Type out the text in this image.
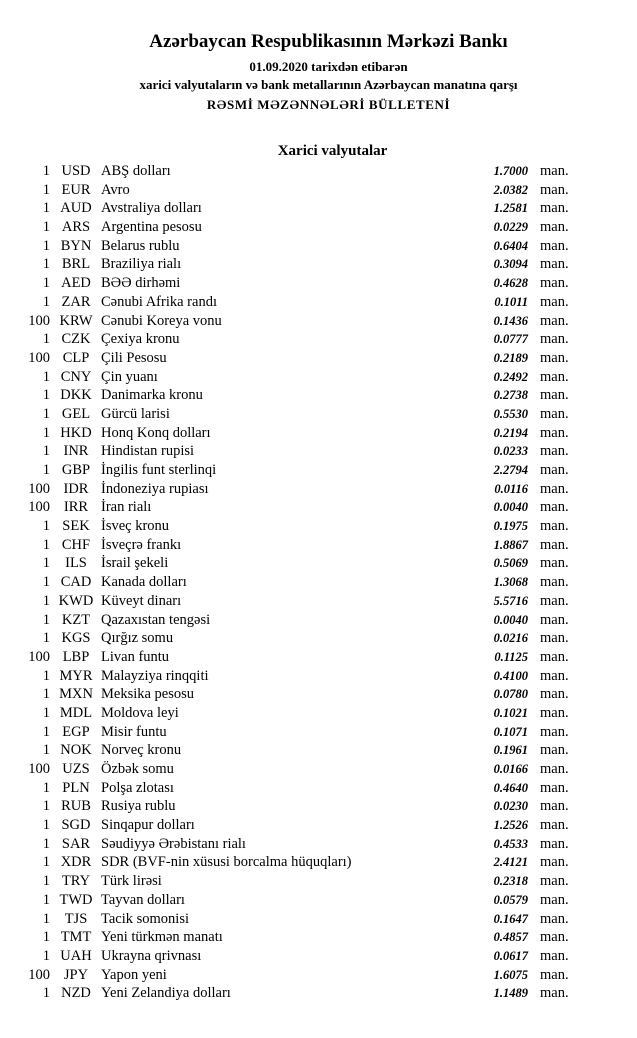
Azərbaycan Respublikasının Mərkəzi Bankı
01.09.2020 tarixdən etibarən
xarici valyutaların və bank metallarının Azərbaycan manatına qarşı
RƏSMİ MƏZƏNNƏLƏRİ BÜLLETENİ
Xarici valyutalar
1 USD ABŞ dolları	1.7000 man.
1 EUR Avro	2.0382 man.
1 AUD Avstraliya dolları	1.2581 man.
1 ARS Argentina pesosu	0.0229 man.
1 BYN Belarus rublu	0.6404 man.
1 BRL Braziliya rialı	0.3094 man.
1 AED BƏƏ dirhəmi	0.4628 man.
1 ZAR Cənubi Afrika randı	0.1011 man.
100 KRW Cənubi Koreya vonu	0.1436 man.
1 CZK Çexiya kronu	0.0777 man.
100 CLP Çili Pesosu	0.2189 man.
1 CNY Çin yuanı	0.2492 man.
1 DKK Danimarka kronu	0.2738 man.
1 GEL Gürcü larisi	0.5530 man.
1 HKD Honq Konq dolları	0.2194 man.
1 INR Hindistan rupisi	0.0233 man.
1 GBP İngilis funt sterlinqi	2.2794 man.
100 IDR İndoneziya rupiası	0.0116 man.
100 IRR İran rialı	0.0040 man.
1 SEK İsveç kronu	0.1975 man.
1 CHF İsveçrə frankı	1.8867 man.
1	ILS İsrail şekeli	0.5069 man.
1 CAD Kanada dolları	1.3068 man.
1 KWD Küveyt dinarı	5.5716 man.
1 KZT Qazaxıstan tengəsi	0.0040 man.
1 KGS Qırğız somu	0.0216 man.
100 LBP Livan funtu	0.1125 man.
1 MYR Malayziya rinqqiti	0.4100 man.
1 MXN Meksika pesosu	0.0780 man.
1 MDL Moldova leyi	0.1021 man.
1 EGP Misir funtu	0.1071 man.
1 NOK Norveç kronu	0.1961 man.
100 UZS Özbək somu	0.0166 man.
1 PLN Polşa zlotası	0.4640 man.
1 RUB Rusiya rublu	0.0230 man.
1 SGD Sinqapur dolları	1.2526 man.
1 SAR Səudiyyə Ərəbistanı rialı	0.4533 man.
1 XDR SDR (BVF-nin xüsusi borcalma hüquqları)	2.4121 man.
1 TRY Türk lirəsi	0.2318 man.
1 TWD Tayvan dolları	0.0579 man.
1	TJS Tacik somonisi	0.1647 man.
1 TMT Yeni türkmən manatı	0.4857 man.
1 UAH Ukrayna qrivnası	0.0617 man.
100 JPY Yapon yeni	1.6075 man.
1 NZD Yeni Zelandiya dolları	1.1489 man.
